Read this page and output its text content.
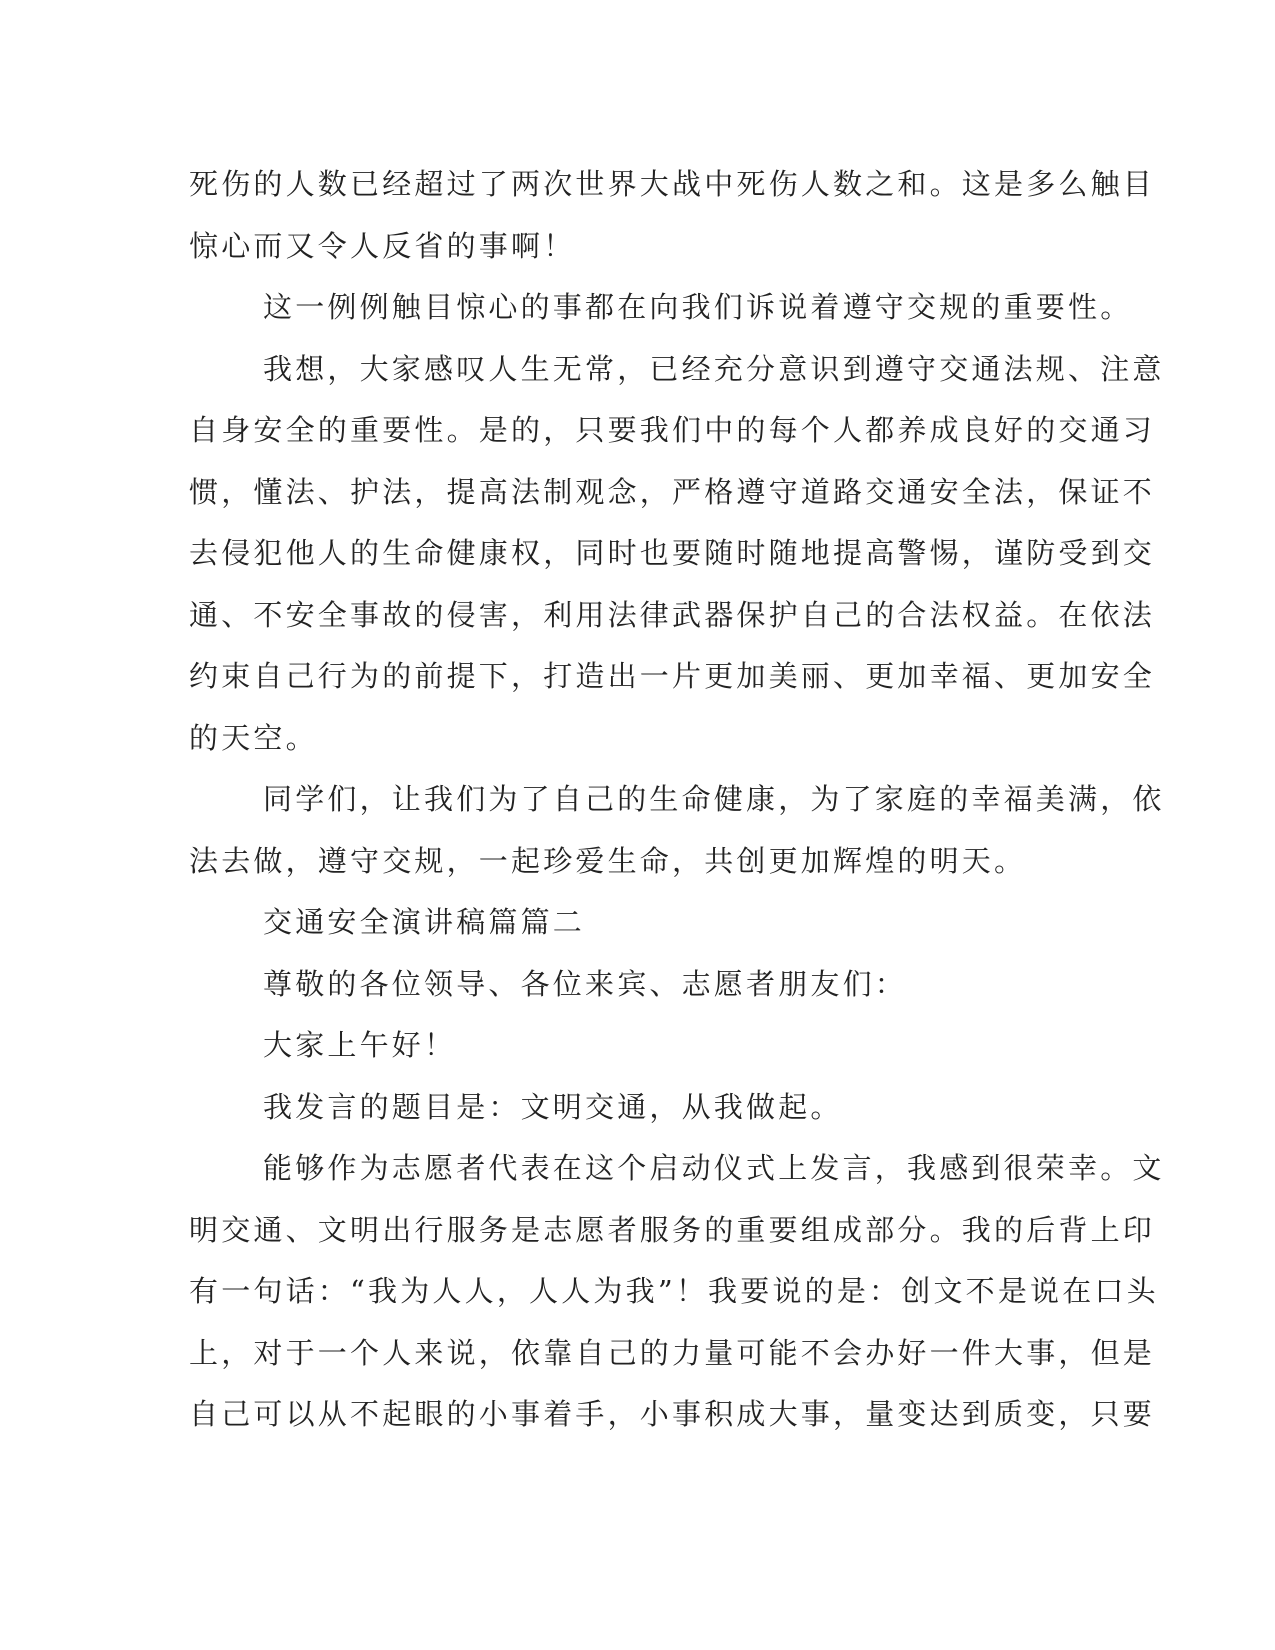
死伤的人数已经超过了两次世界大战中死伤人数之和。这是多么触目

惊心而又令人反省的事啊！

这一例例触目惊心的事都在向我们诉说着遵守交规的重要性。

我想，大家感叹人生无常，已经充分意识到遵守交通法规、注意

自身安全的重要性。是的，只要我们中的每个人都养成良好的交通习

惯，懂法、护法，提高法制观念，严格遵守道路交通安全法，保证不

去侵犯他人的生命健康权，同时也要随时随地提高警惕，谨防受到交

通、不安全事故的侵害，利用法律武器保护自己的合法权益。在依法

约束自己行为的前提下，打造出一片更加美丽、更加幸福、更加安全

的天空。

同学们，让我们为了自己的生命健康，为了家庭的幸福美满，依

法去做，遵守交规，一起珍爱生命，共创更加辉煌的明天。

交通安全演讲稿篇篇二

尊敬的各位领导、各位来宾、志愿者朋友们：

大家上午好！

我发言的题目是：文明交通，从我做起。

能够作为志愿者代表在这个启动仪式上发言，我感到很荣幸。文

明交通、文明出行服务是志愿者服务的重要组成部分。我的后背上印

有一句话：“我为人人，人人为我”！我要说的是：创文不是说在口头

上，对于一个人来说，依靠自己的力量可能不会办好一件大事，但是

自己可以从不起眼的小事着手，小事积成大事，量变达到质变，只要
